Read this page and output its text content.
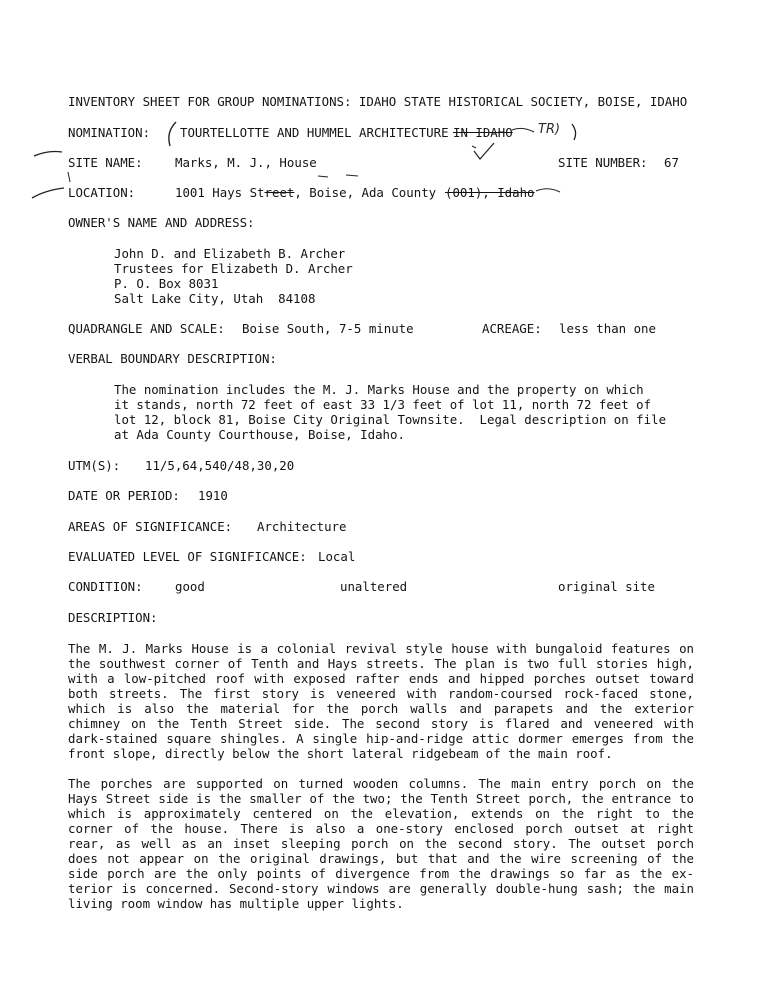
INVENTORY SHEET FOR GROUP NOMINATIONS: IDAHO STATE HISTORICAL SOCIETY, BOISE, IDAHO
NOMINATION: TOURTELLOTTE AND HUMMEL ARCHITECTURE IN IDAHO TR)
SITE NAME:	Marks, M. J., House	SITE NUMBER: 67
LOCATION:	1001 Hays Street, Boise, Ada County (001), Idaho
OWNER'S NAME AND ADDRESS:
John D. and Elizabeth B. Archer
Trustees for Elizabeth D. Archer
P. O. Box 8031
Salt Lake City, Utah  84108
QUADRANGLE AND SCALE: Boise South, 7-5 minute	ACREAGE: less than one
VERBAL BOUNDARY DESCRIPTION:
The nomination includes the M. J. Marks House and the property on which
it stands, north 72 feet of east 33 1/3 feet of lot 11, north 72 feet of
lot 12, block 81, Boise City Original Townsite.  Legal description on file
at Ada County Courthouse, Boise, Idaho.
UTM(S): 11/5,64,540/48,30,20
DATE OR PERIOD: 1910
AREAS OF SIGNIFICANCE: Architecture
EVALUATED LEVEL OF SIGNIFICANCE: Local
CONDITION:	good	unaltered	original site
DESCRIPTION:
The M. J. Marks House is a colonial revival style house with bungaloid features on
the southwest corner of Tenth and Hays streets. The plan is two full stories high,
with a low-pitched roof with exposed rafter ends and hipped porches outset toward
both streets. The first story is veneered with random-coursed rock-faced stone,
which is also the material for the porch walls and parapets and the exterior
chimney on the Tenth Street side. The second story is flared and veneered with
dark-stained square shingles. A single hip-and-ridge attic dormer emerges from the
front slope, directly below the short lateral ridgebeam of the main roof.
The porches are supported on turned wooden columns. The main entry porch on the
Hays Street side is the smaller of the two; the Tenth Street porch, the entrance to
which is approximately centered on the elevation, extends on the right to the
corner of the house. There is also a one-story enclosed porch outset at right
rear, as well as an inset sleeping porch on the second story. The outset porch
does not appear on the original drawings, but that and the wire screening of the
side porch are the only points of divergence from the drawings so far as the ex-
terior is concerned. Second-story windows are generally double-hung sash; the main
living room window has multiple upper lights.
